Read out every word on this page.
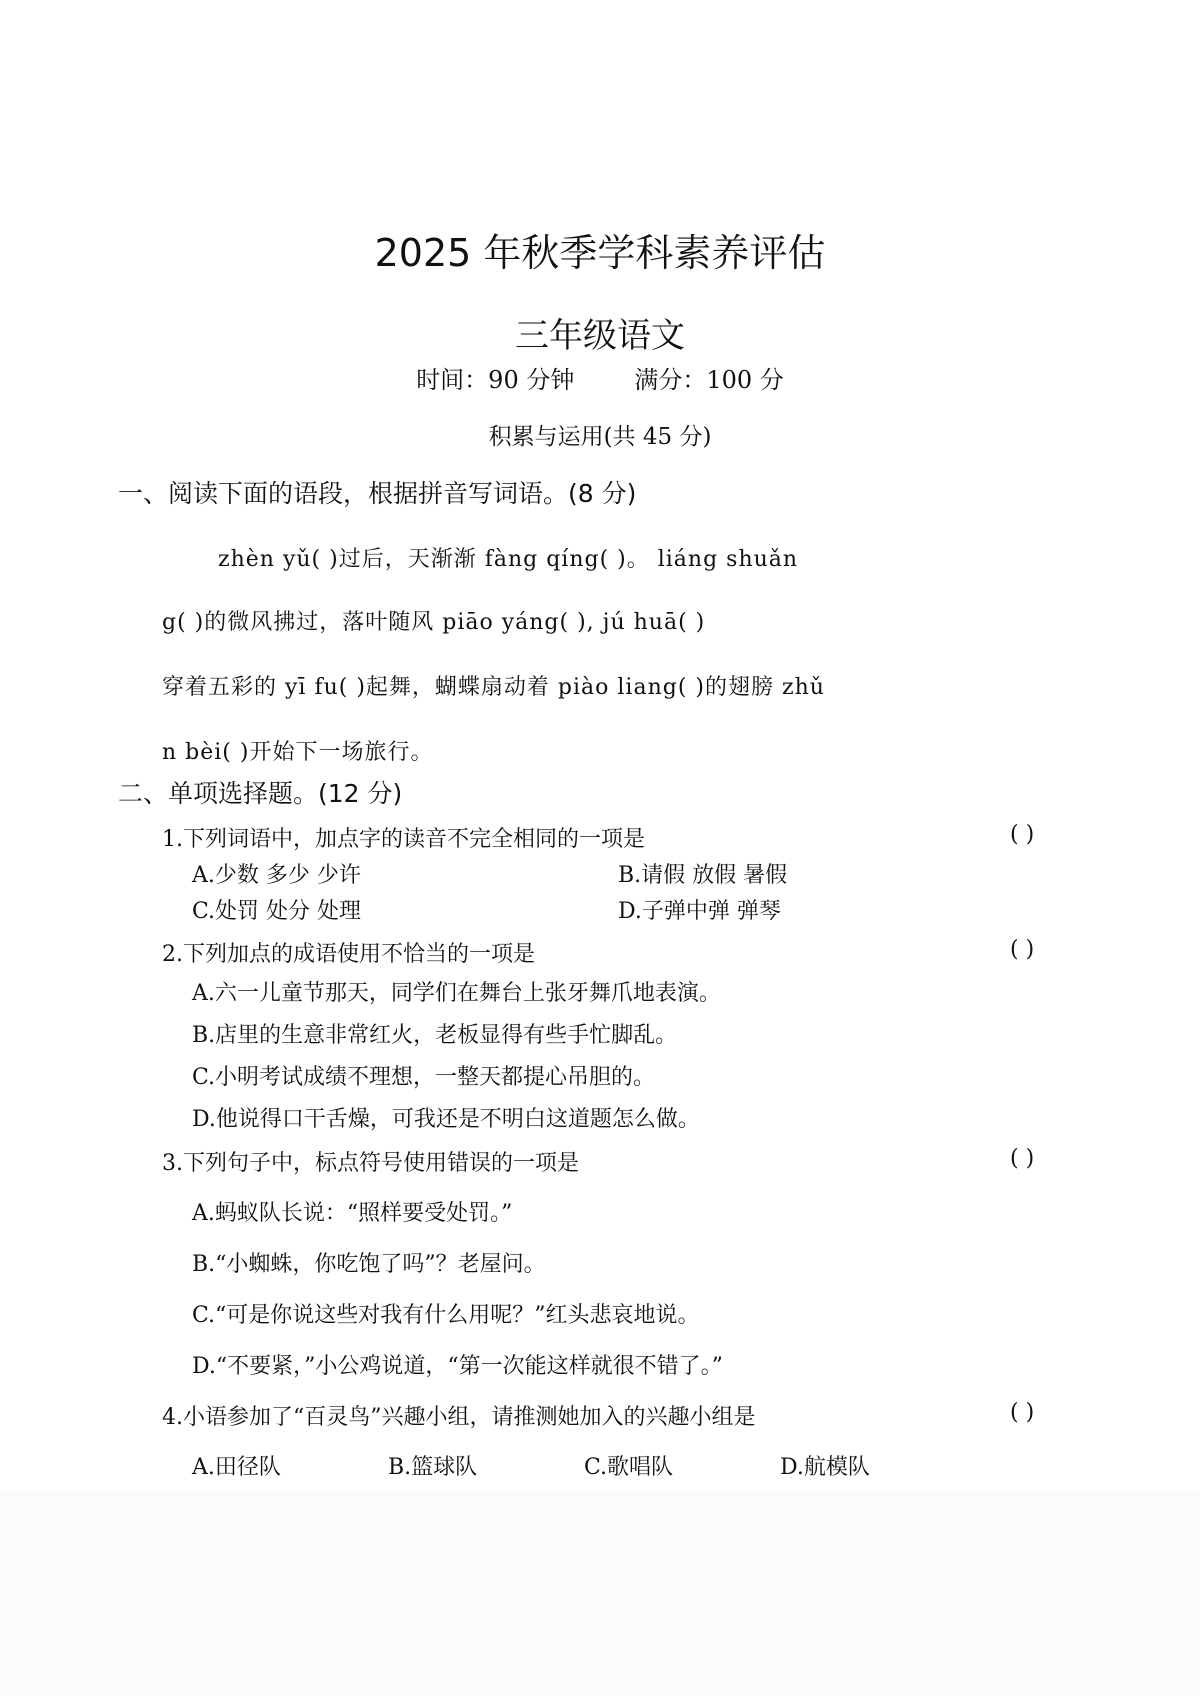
2025 年秋季学科素养评估
三年级语文
时间：90 分钟	满分：100 分
积累与运用(共 45 分)
一、阅读下面的语段，根据拼音写词语。(8 分)
zhèn yǔ( )过后，天渐渐 fàng qíng( )。 liáng shuǎn
g( )的微风拂过，落叶随风 piāo yáng( ), jú huā( )
穿着五彩的 yī fu( )起舞，蝴蝶扇动着 piào liang( )的翅膀 zhǔ
n bèi( )开始下一场旅行。
二、单项选择题。(12 分)
1.下列词语中，加点字的读音不完全相同的一项是	( )
A.少数 多少 少许	B.请假 放假 暑假
C.处罚 处分 处理	D.子弹中弹 弹琴
2.下列加点的成语使用不恰当的一项是	( )
A.六一儿童节那天，同学们在舞台上张牙舞爪地表演。
B.店里的生意非常红火，老板显得有些手忙脚乱。
C.小明考试成绩不理想，一整天都提心吊胆的。
D.他说得口干舌燥，可我还是不明白这道题怎么做。
3.下列句子中，标点符号使用错误的一项是	( )
A.蚂蚁队长说：“照样要受处罚。”
B.“小蜘蛛，你吃饱了吗”？老屋问。
C.“可是你说这些对我有什么用呢？”红头悲哀地说。
D.“不要紧，”小公鸡说道，“第一次能这样就很不错了。”
4.小语参加了“百灵鸟”兴趣小组，请推测她加入的兴趣小组是	( )
A.田径队	B.篮球队	C.歌唱队	D.航模队
